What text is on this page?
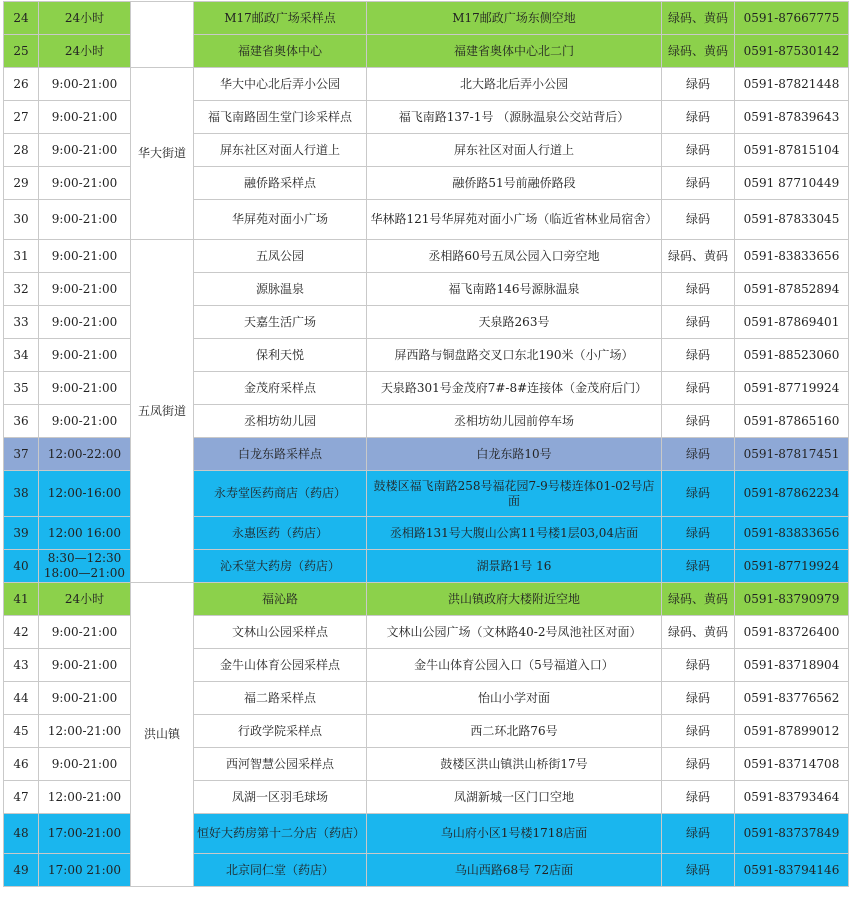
24	24小时		M17邮政广场采样点	M17邮政广场东侧空地	绿码、黄码	0591-87667775
25	24小时		福建省奥体中心	福建省奥体中心北二门	绿码、黄码	0591-87530142
26	9:00-21:00	华大街道	华大中心北后弄小公园	北大路北后弄小公园	绿码	0591-87821448
27	9:00-21:00		福飞南路固生堂门诊采样点	福飞南路137-1号 （源脉温泉公交站背后）	绿码	0591-87839643
28	9:00-21:00		屏东社区对面人行道上	屏东社区对面人行道上	绿码	0591-87815104
29	9:00-21:00		融侨路采样点	融侨路51号前融侨路段	绿码	0591 87710449
30	9:00-21:00		华屏苑对面小广场	华林路121号华屏苑对面小广场（临近省林业局宿舍）	绿码	0591-87833045
31	9:00-21:00	五凤街道	五凤公园	丞相路60号五凤公园入口旁空地	绿码、黄码	0591-83833656
32	9:00-21:00		源脉温泉	福飞南路146号源脉温泉	绿码	0591-87852894
33	9:00-21:00		天嘉生活广场	天泉路263号	绿码	0591-87869401
34	9:00-21:00		保利天悦	屏西路与铜盘路交叉口东北190米（小广场）	绿码	0591-88523060
35	9:00-21:00		金茂府采样点	天泉路301号金茂府7#-8#连接体（金茂府后门）	绿码	0591-87719924
36	9:00-21:00		丞相坊幼儿园	丞相坊幼儿园前停车场	绿码	0591-87865160
37	12:00-22:00		白龙东路采样点	白龙东路10号	绿码	0591-87817451
38	12:00-16:00		永寿堂医药商店（药店）	鼓楼区福飞南路258号福花园7-9号楼连体01-02号店面	绿码	0591-87862234
39	12:00 16:00		永惠医药（药店）	丞相路131号大腹山公寓11号楼1层03,04店面	绿码	0591-83833656
40	8:30—12:30
18:00—21:00		沁禾堂大药房（药店）	湖景路1号 16	绿码	0591-87719924
41	24小时	洪山镇	福沁路	洪山镇政府大楼附近空地	绿码、黄码	0591-83790979
42	9:00-21:00		文林山公园采样点	文林山公园广场（文林路40-2号凤池社区对面）	绿码、黄码	0591-83726400
43	9:00-21:00		金牛山体育公园采样点	金牛山体育公园入口（5号福道入口）	绿码	0591-83718904
44	9:00-21:00		福二路采样点	怡山小学对面	绿码	0591-83776562
45	12:00-21:00		行政学院采样点	西二环北路76号	绿码	0591-87899012
46	9:00-21:00		西河智慧公园采样点	鼓楼区洪山镇洪山桥街17号	绿码	0591-83714708
47	12:00-21:00		凤湖一区羽毛球场	凤湖新城一区门口空地	绿码	0591-83793464
48	17:00-21:00		恒好大药房第十二分店（药店）	乌山府小区1号楼1718店面	绿码	0591-83737849
49	17:00 21:00		北京同仁堂（药店）	乌山西路68号 72店面	绿码	0591-83794146
